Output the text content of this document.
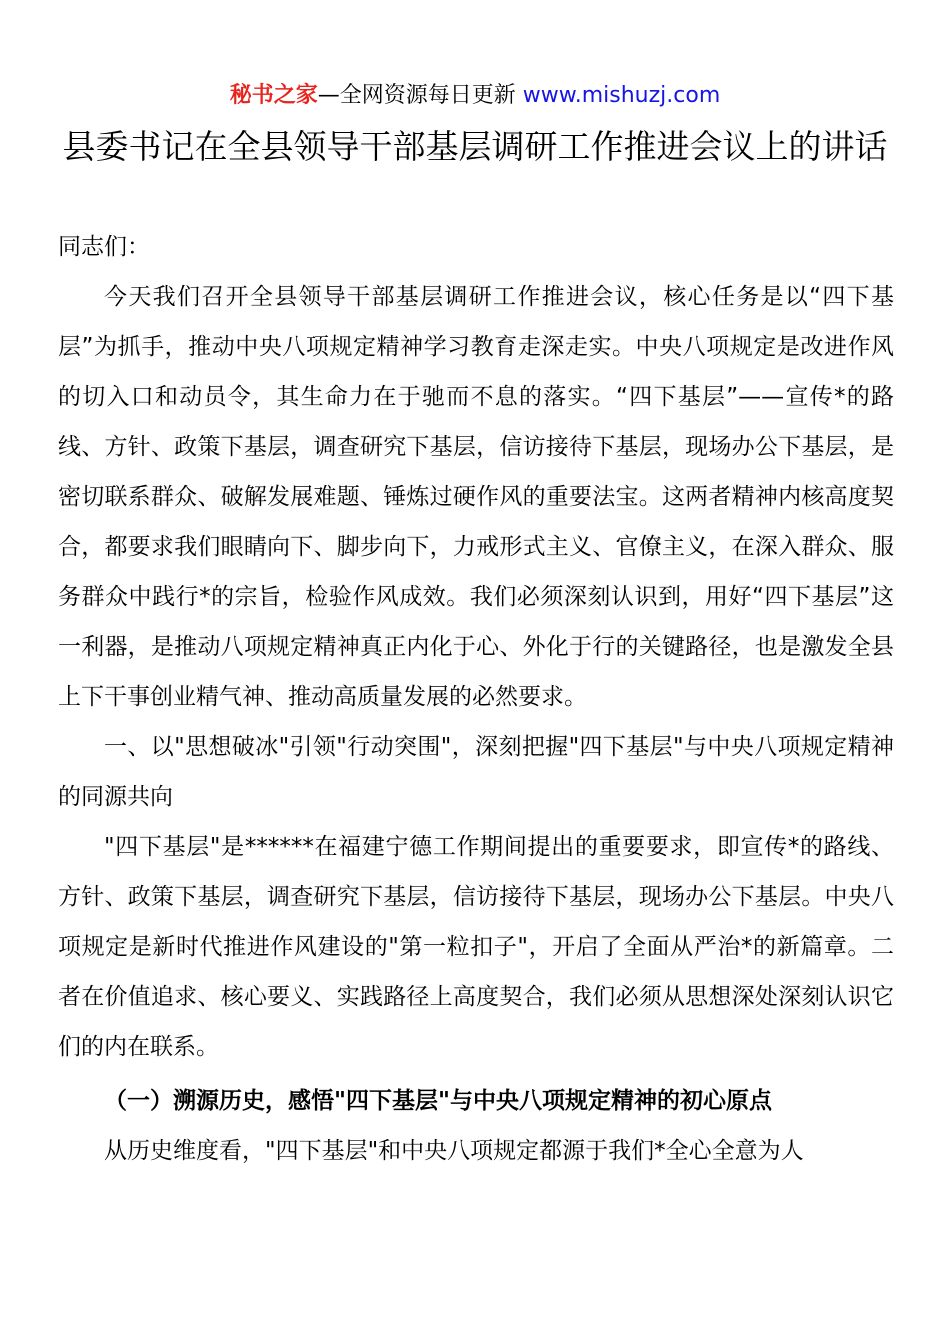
秘书之家—全网资源每日更新 www.mishuzj.com
县委书记在全县领导干部基层调研工作推进会议上的讲话

同志们：

今天我们召开全县领导干部基层调研工作推进会议，核心任务是以“四下基层”为抓手，推动中央八项规定精神学习教育走深走实。中央八项规定是改进作风的切入口和动员令，其生命力在于驰而不息的落实。“四下基层”——宣传*的路线、方针、政策下基层，调查研究下基层，信访接待下基层，现场办公下基层，是密切联系群众、破解发展难题、锤炼过硬作风的重要法宝。这两者精神内核高度契合，都要求我们眼睛向下、脚步向下，力戒形式主义、官僚主义，在深入群众、服务群众中践行*的宗旨，检验作风成效。我们必须深刻认识到，用好“四下基层”这一利器，是推动八项规定精神真正内化于心、外化于行的关键路径，也是激发全县上下干事创业精气神、推动高质量发展的必然要求。

一、以"思想破冰"引领"行动突围"，深刻把握"四下基层"与中央八项规定精神的同源共向

"四下基层"是******在福建宁德工作期间提出的重要要求，即宣传*的路线、方针、政策下基层，调查研究下基层，信访接待下基层，现场办公下基层。中央八项规定是新时代推进作风建设的"第一粒扣子"，开启了全面从严治*的新篇章。二者在价值追求、核心要义、实践路径上高度契合，我们必须从思想深处深刻认识它们的内在联系。

（一）溯源历史，感悟"四下基层"与中央八项规定精神的初心原点

从历史维度看，"四下基层"和中央八项规定都源于我们*全心全意为人
